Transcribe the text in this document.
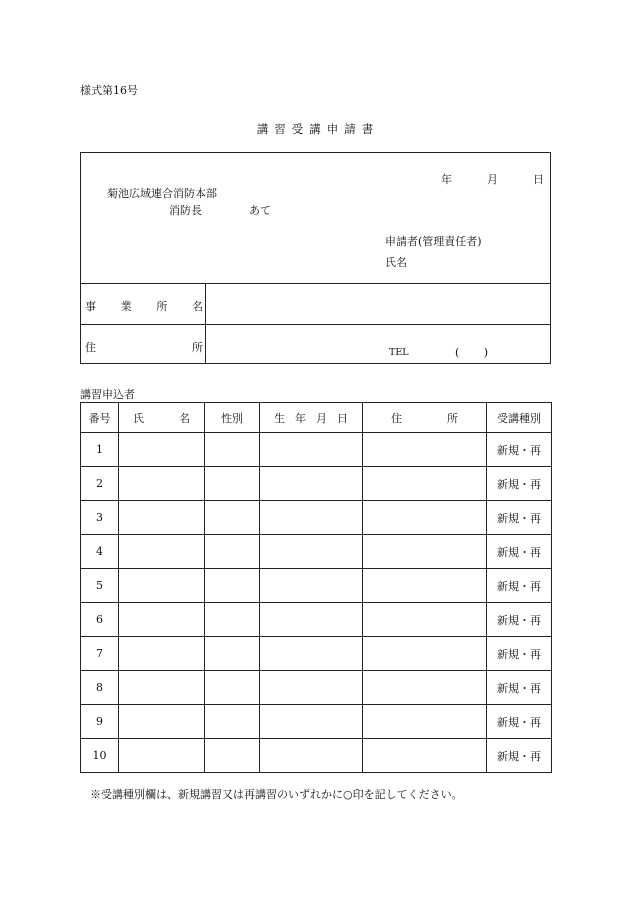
様式第16号
講習受講申請書
年	月	日
菊池広域連合消防本部
消防長	あて
申請者(管理責任者)
氏名
事 業 所 名
住	所	TEL	( )
講習申込者
番号	氏 名	性別	生 年 月 日	住 所	受講種別
1					新規・再
2					新規・再
3					新規・再
4					新規・再
5					新規・再
6					新規・再
7					新規・再
8					新規・再
9					新規・再
10					新規・再
※受講種別欄は、新規講習又は再講習のいずれかに○印を記してください。
